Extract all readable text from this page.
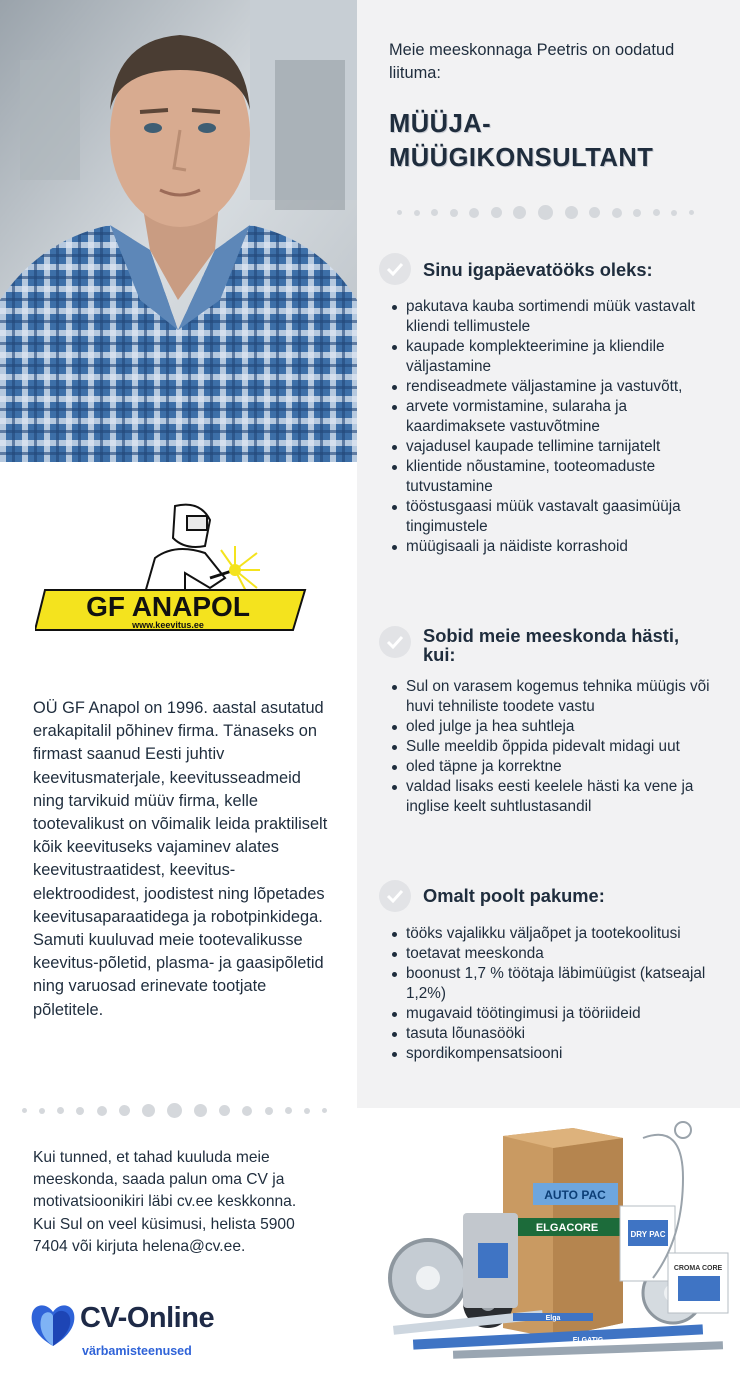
GF ANAPOL
www.keevitus.ee

OÜ GF Anapol on 1996. aastal asutatud erakapitalil põhinev firma. Tänaseks on firmast saanud Eesti juhtiv keevitusmaterjale, keevitusseadmeid ning tarvikuid müüv firma, kelle tootevalikust on võimalik leida praktiliselt kõik keevituseks vajaminev alates keevitustraatidest, keevitus-elektroodidest, joodistest ning lõpetades keevitusaparaatidega ja robotpinkidega. Samuti kuuluvad meie tootevalikusse keevitus-põletid, plasma- ja gaasipõletid ning varuosad erinevate tootjate põletitele.

Kui tunned, et tahad kuuluda meie meeskonda, saada palun oma CV ja motivatsioonikiri läbi cv.ee keskkonna. Kui Sul on veel küsimusi, helista 5900 7404 või kirjuta helena@cv.ee.

CV-Online
värbamisteenused

Meie meeskonnaga Peetris on oodatud liituma:

MÜÜJA-
MÜÜGIKONSULTANT
Sinu igapäevatööks oleks:
pakutava kauba sortimendi müük vastavalt kliendi tellimustele
kaupade komplekteerimine ja kliendile väljastamine
rendiseadmete väljastamine ja vastuvõtt,
arvete vormistamine, sularaha ja kaardimaksete vastuvõtmine
vajadusel kaupade tellimine tarnijatelt
klientide nõustamine, tooteomaduste tutvustamine
tööstusgaasi müük vastavalt gaasimüüja tingimustele
müügisaali ja näidiste korrashoid
Sobid meie meeskonda hästi, kui:
Sul on varasem kogemus tehnika müügis või huvi tehniliste toodete vastu
oled julge ja hea suhtleja
Sulle meeldib õppida pidevalt midagi uut
oled täpne ja korrektne
valdad lisaks eesti keelele hästi ka vene ja inglise keelt suhtlustasandil
Omalt poolt pakume:
tööks vajalikku väljaõpet ja tootekoolitusi
toetavat meeskonda
boonust 1,7 % töötaja läbimüügist (katseajal 1,2%)
mugavaid töötingimusi ja tööriideid
tasuta lõunasööki
spordikompensatsiooni
AUTO PAC
ELGACORE
DRY PAC
CROMA CORE
Elga
ELGATIG
